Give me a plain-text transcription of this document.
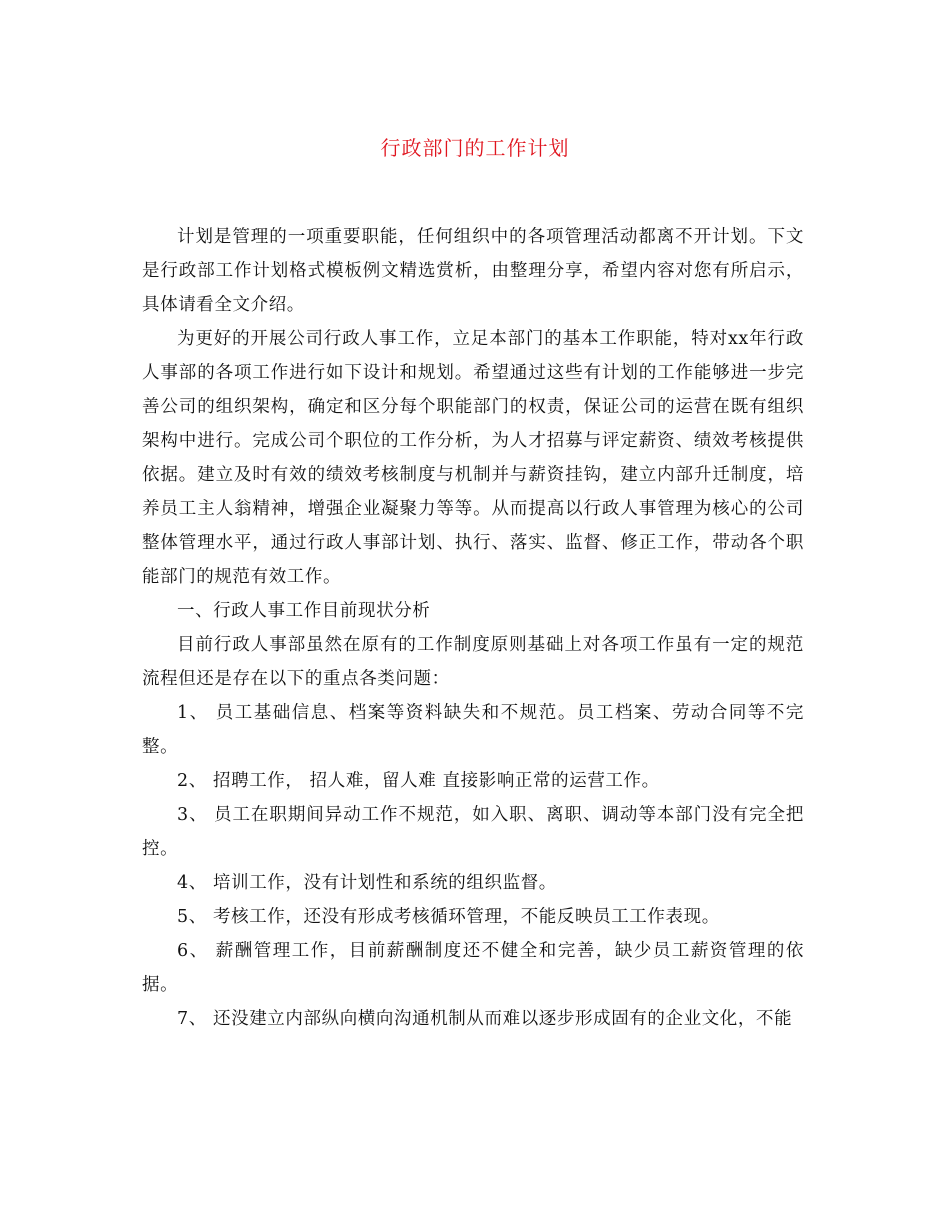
行政部门的工作计划

计划是管理的一项重要职能，任何组织中的各项管理活动都离不开计划。下文是行政部工作计划格式模板例文精选赏析，由整理分享，希望内容对您有所启示，具体请看全文介绍。

为更好的开展公司行政人事工作，立足本部门的基本工作职能，特对xx年行政人事部的各项工作进行如下设计和规划。希望通过这些有计划的工作能够进一步完善公司的组织架构，确定和区分每个职能部门的权责，保证公司的运营在既有组织架构中进行。完成公司个职位的工作分析，为人才招募与评定薪资、绩效考核提供依据。建立及时有效的绩效考核制度与机制并与薪资挂钩，建立内部升迁制度，培养员工主人翁精神，增强企业凝聚力等等。从而提高以行政人事管理为核心的公司整体管理水平，通过行政人事部计划、执行、落实、监督、修正工作，带动各个职能部门的规范有效工作。

一、行政人事工作目前现状分析

目前行政人事部虽然在原有的工作制度原则基础上对各项工作虽有一定的规范流程但还是存在以下的重点各类问题：

1、 员工基础信息、档案等资料缺失和不规范。员工档案、劳动合同等不完整。

2、 招聘工作， 招人难，留人难 直接影响正常的运营工作。

3、 员工在职期间异动工作不规范，如入职、离职、调动等本部门没有完全把控。

4、 培训工作，没有计划性和系统的组织监督。

5、 考核工作，还没有形成考核循环管理，不能反映员工工作表现。

6、 薪酬管理工作，目前薪酬制度还不健全和完善，缺少员工薪资管理的依据。

7、 还没建立内部纵向横向沟通机制从而难以逐步形成固有的企业文化，不能
